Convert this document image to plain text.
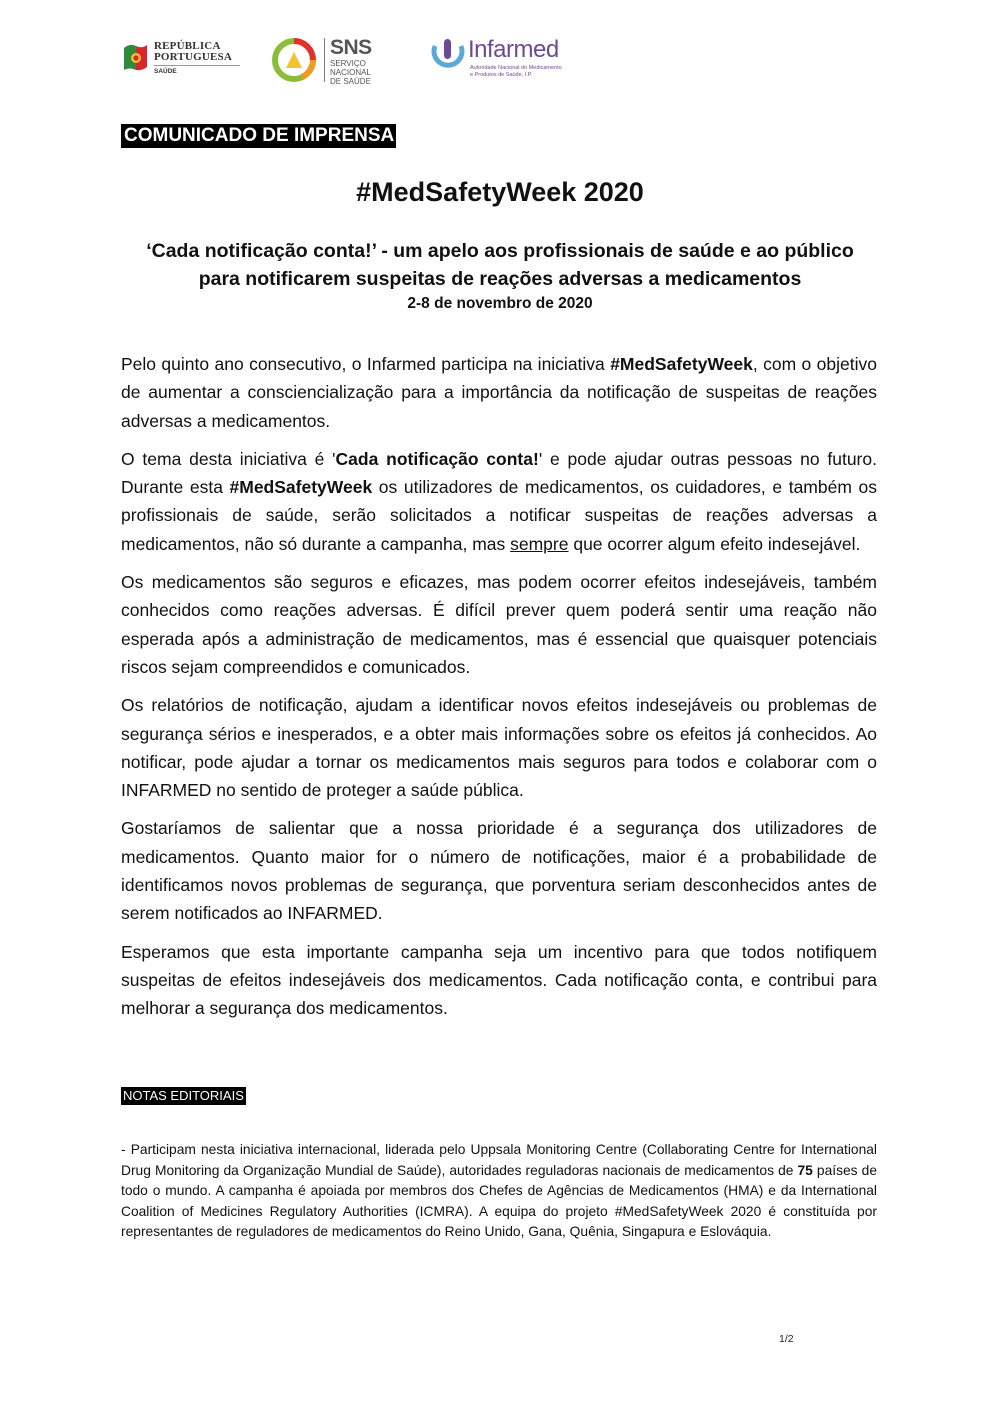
REPÚBLICA
PORTUGUESA
SAÚDE
SNS
SERVIÇO NACIONAL
DE SAÚDE
Infarmed
Autoridade Nacional do Medicamento
e Produtos de Saúde, I.P.
COMUNICADO DE IMPRENSA
#MedSafetyWeek 2020
‘Cada notificação conta!’ - um apelo aos profissionais de saúde e ao público
para notificarem suspeitas de reações adversas a medicamentos
2-8 de novembro de 2020

Pelo quinto ano consecutivo, o Infarmed participa na iniciativa #MedSafetyWeek, com o objetivo de aumentar a consciencialização para a importância da notificação de suspeitas de reações adversas a medicamentos.

O tema desta iniciativa é 'Cada notificação conta!' e pode ajudar outras pessoas no futuro. Durante esta #MedSafetyWeek os utilizadores de medicamentos, os cuidadores, e também os profissionais de saúde, serão solicitados a notificar suspeitas de reações adversas a medicamentos, não só durante a campanha, mas sempre que ocorrer algum efeito indesejável.

Os medicamentos são seguros e eficazes, mas podem ocorrer efeitos indesejáveis, também conhecidos como reações adversas. É difícil prever quem poderá sentir uma reação não esperada após a administração de medicamentos, mas é essencial que quaisquer potenciais riscos sejam compreendidos e comunicados.

Os relatórios de notificação, ajudam a identificar novos efeitos indesejáveis ou problemas de segurança sérios e inesperados, e a obter mais informações sobre os efeitos já conhecidos. Ao notificar, pode ajudar a tornar os medicamentos mais seguros para todos e colaborar com o INFARMED no sentido de proteger a saúde pública.

Gostaríamos de salientar que a nossa prioridade é a segurança dos utilizadores de medicamentos. Quanto maior for o número de notificações, maior é a probabilidade de identificamos novos problemas de segurança, que porventura seriam desconhecidos antes de serem notificados ao INFARMED.

Esperamos que esta importante campanha seja um incentivo para que todos notifiquem suspeitas de efeitos indesejáveis dos medicamentos. Cada notificação conta, e contribui para melhorar a segurança dos medicamentos.

NOTAS EDITORIAIS
- Participam nesta iniciativa internacional, liderada pelo Uppsala Monitoring Centre (Collaborating Centre for International Drug Monitoring da Organização Mundial de Saúde), autoridades reguladoras nacionais de medicamentos de 75 países de todo o mundo. A campanha é apoiada por membros dos Chefes de Agências de Medicamentos (HMA) e da International Coalition of Medicines Regulatory Authorities (ICMRA). A equipa do projeto #MedSafetyWeek 2020 é constituída por representantes de reguladores de medicamentos do Reino Unido, Gana, Quênia, Singapura e Eslováquia.
1/2
